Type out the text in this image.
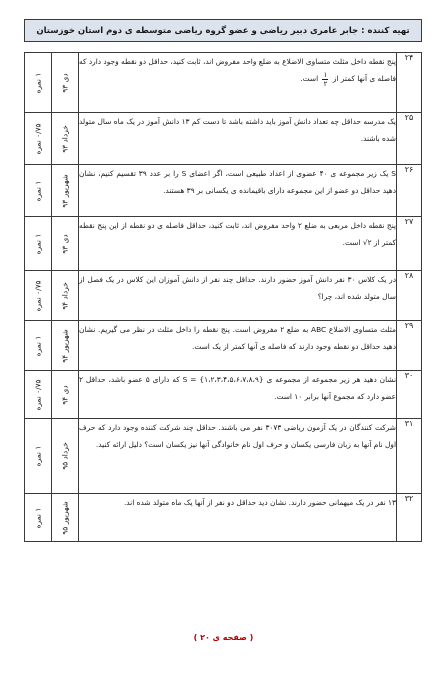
تهیه کننده : جابر عامری دبیر ریاضی و عضو گروه ریاضی متوسطه ی دوم استان خوزستان
۲۴	پنج نقطه داخل مثلث متساوی الاضلاع به ضلع واحد مفروض اند، ثابت کنید، حداقل دو نقطه وجود دارد که فاصله ی آنها کمتر از
$\frac{۱}{۲}$
است.	دی ۹۳	۱ نمره

۲۵	یک مدرسه حداقل چه تعداد دانش آموز باید داشته باشد تا دست کم ۱۳ دانش آموز در یک ماه سال متولد شده باشند.	خرداد ۹۳	۰/۷۵ نمره

۲۶	S یک زیر مجموعه ی ۴۰ عضوی از اعداد طبیعی است، اگر اعضای S را بر عدد ۳۹ تقسیم کنیم، نشان دهید حداقل دو عضو از این مجموعه دارای باقیمانده ی یکسانی بر ۳۹ هستند.	شهریور ۹۳	۱ نمره

۲۷	پنج نقطه داخل مربعی به ضلع ۲ واحد مفروض اند، ثابت کنید، حداقل فاصله ی دو نقطه از این پنج نقطه کمتر از ۲√ است.	دی ۹۳	۱ نمره

۲۸	در یک کلاس ۳۰ نفر دانش آموز حضور دارند. حداقل چند نفر از دانش آموزان این کلاس در یک فصل از سال متولد شده اند، چرا؟	خرداد ۹۴	۰/۷۵ نمره

۲۹	مثلث متساوی الاضلاع ABC به ضلع ۲ مفروض است. پنج نقطه را داخل مثلث در نظر می گیریم. نشان دهید حداقل دو نقطه وجود دارند که فاصله ی آنها کمتر از یک است.	شهریور ۹۴	۱ نمره

۳۰	نشان دهید هر زیر مجموعه از مجموعه ی {۱،۲،۳،۴،۵،۶،۷،۸،۹} = S که دارای ۵ عضو باشد، حداقل ۲ عضو دارد که مجموع آنها برابر ۱۰ است.	دی ۹۴	۰/۷۵ نمره

۳۱	شرکت کنندگان در یک آزمون ریاضی ۳۰۷۳ نفر می باشند. حداقل چند شرکت کننده وجود دارد که حرف اول نام آنها به زبان فارسی یکسان و حرف اول نام خانوادگی آنها نیز یکسان است؟ دلیل ارائه کنید.	خرداد ۹۵	۱ نمره

۳۲	۱۳ نفر در یک میهمانی حضور دارند. نشان دید حداقل دو نفر از آنها یک ماه متولد شده اند.	شهریور ۹۵	۱ نمره
( صفحه ی ۲۰ )
